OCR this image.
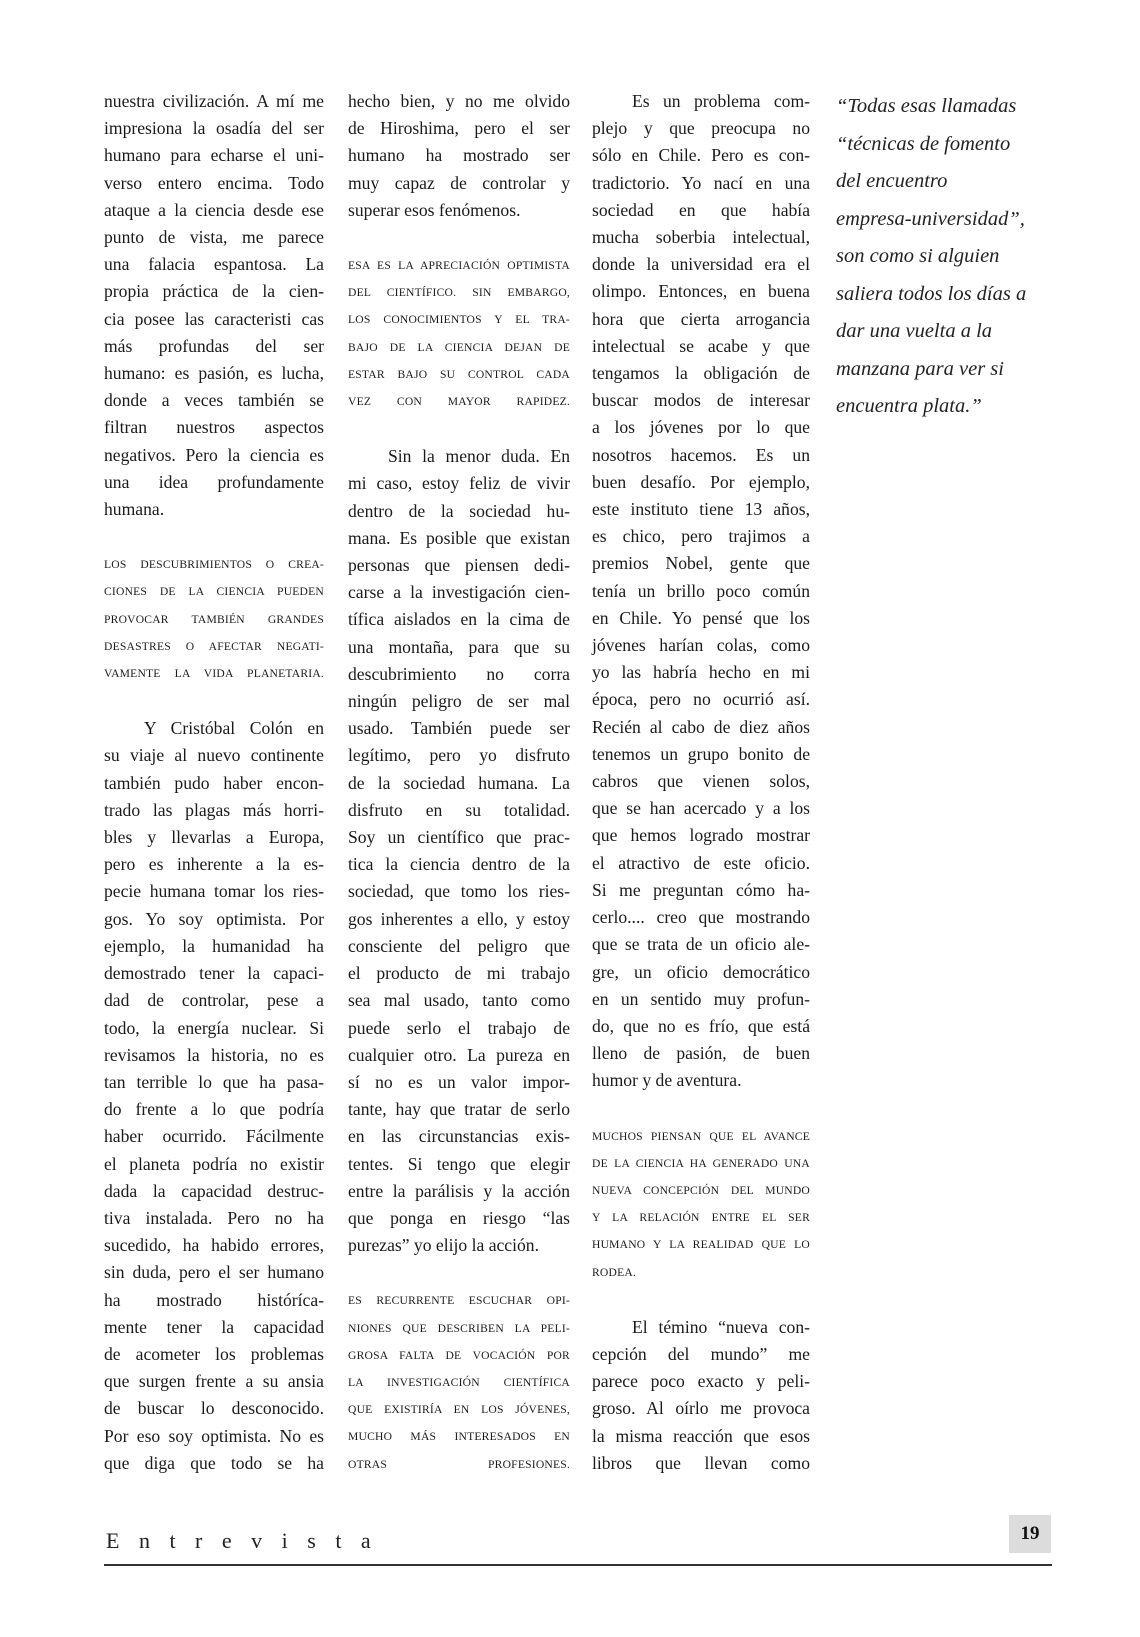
nuestra civilización. A mí me

impresiona la osadía del ser

humano para echarse el uni-

verso entero encima. Todo

ataque a la ciencia desde ese

punto de vista, me parece

una falacia espantosa. La

propia práctica de la cien-

cia posee las caracteristi cas

más profundas del ser

humano: es pasión, es lucha,

donde a veces también se

filtran nuestros aspectos

negativos. Pero la ciencia es

una idea profundamente

humana.

LOS DESCUBRIMIENTOS O CREA-

CIONES DE LA CIENCIA PUEDEN

PROVOCAR TAMBIÉN GRANDES

DESASTRES O AFECTAR NEGATI-

VAMENTE LA VIDA PLANETARIA.

Y Cristóbal Colón en

su viaje al nuevo continente

también pudo haber encon-

trado las plagas más horri-

bles y llevarlas a Europa,

pero es inherente a la es-

pecie humana tomar los ries-

gos. Yo soy optimista. Por

ejemplo, la humanidad ha

demostrado tener la capaci-

dad de controlar, pese a

todo, la energía nuclear. Si

revisamos la historia, no es

tan terrible lo que ha pasa-

do frente a lo que podría

haber ocurrido. Fácilmente

el planeta podría no existir

dada la capacidad destruc-

tiva instalada. Pero no ha

sucedido, ha habido errores,

sin duda, pero el ser humano

ha mostrado históríca-

mente tener la capacidad

de acometer los problemas

que surgen frente a su ansia

de buscar lo desconocido.

Por eso soy optimista. No es

que diga que todo se ha

hecho bien, y no me olvido

de Hiroshima, pero el ser

humano ha mostrado ser

muy capaz de controlar y

superar esos fenómenos.

ESA ES LA APRECIACIÓN OPTIMISTA

DEL CIENTÍFICO. SIN EMBARGO,

LOS CONOCIMIENTOS Y EL TRA-

BAJO DE LA CIENCIA DEJAN DE

ESTAR BAJO SU CONTROL CADA

VEZ CON MAYOR RAPIDEZ.

Sin la menor duda. En

mi caso, estoy feliz de vivir

dentro de la sociedad hu-

mana. Es posible que existan

personas que piensen dedi-

carse a la investigación cien-

tífica aislados en la cima de

una montaña, para que su

descubrimiento no corra

ningún peligro de ser mal

usado. También puede ser

legítimo, pero yo disfruto

de la sociedad humana. La

disfruto en su totalidad.

Soy un científico que prac-

tica la ciencia dentro de la

sociedad, que tomo los ries-

gos inherentes a ello, y estoy

consciente del peligro que

el producto de mi trabajo

sea mal usado, tanto como

puede serlo el trabajo de

cualquier otro. La pureza en

sí no es un valor impor-

tante, hay que tratar de serlo

en las circunstancias exis-

tentes. Si tengo que elegir

entre la parálisis y la acción

que ponga en riesgo “las

purezas” yo elijo la acción.

ES RECURRENTE ESCUCHAR OPI-

NIONES QUE DESCRIBEN LA PELI-

GROSA FALTA DE VOCACIÓN POR

LA INVESTIGACIÓN CIENTÍFICA

QUE EXISTIRÍA EN LOS JÓVENES,

MUCHO MÁS INTERESADOS EN

OTRAS PROFESIONES.

Es un problema com-

plejo y que preocupa no

sólo en Chile. Pero es con-

tradictorio. Yo nací en una

sociedad en que había

mucha soberbia intelectual,

donde la universidad era el

olimpo. Entonces, en buena

hora que cierta arrogancia

intelectual se acabe y que

tengamos la obligación de

buscar modos de interesar

a los jóvenes por lo que

nosotros hacemos. Es un

buen desafío. Por ejemplo,

este instituto tiene 13 años,

es chico, pero trajimos a

premios Nobel, gente que

tenía un brillo poco común

en Chile. Yo pensé que los

jóvenes harían colas, como

yo las habría hecho en mi

época, pero no ocurrió así.

Recién al cabo de diez años

tenemos un grupo bonito de

cabros que vienen solos,

que se han acercado y a los

que hemos logrado mostrar

el atractivo de este oficio.

Si me preguntan cómo ha-

cerlo.... creo que mostrando

que se trata de un oficio ale-

gre, un oficio democrático

en un sentido muy profun-

do, que no es frío, que está

lleno de pasión, de buen

humor y de aventura.

MUCHOS PIENSAN QUE EL AVANCE

DE LA CIENCIA HA GENERADO UNA

NUEVA CONCEPCIÓN DEL MUNDO

Y LA RELACIÓN ENTRE EL SER

HUMANO Y LA REALIDAD QUE LO

RODEA.

El témino “nueva con-

cepción del mundo” me

parece poco exacto y peli-

groso. Al oírlo me provoca

la misma reacción que esos

libros que llevan como

“Todas esas llamadas
“técnicas de fomento
del encuentro
empresa-universidad”,
son como si alguien
saliera todos los días a
dar una vuelta a la
manzana para ver si
encuentra plata.”
Entrevista	19
